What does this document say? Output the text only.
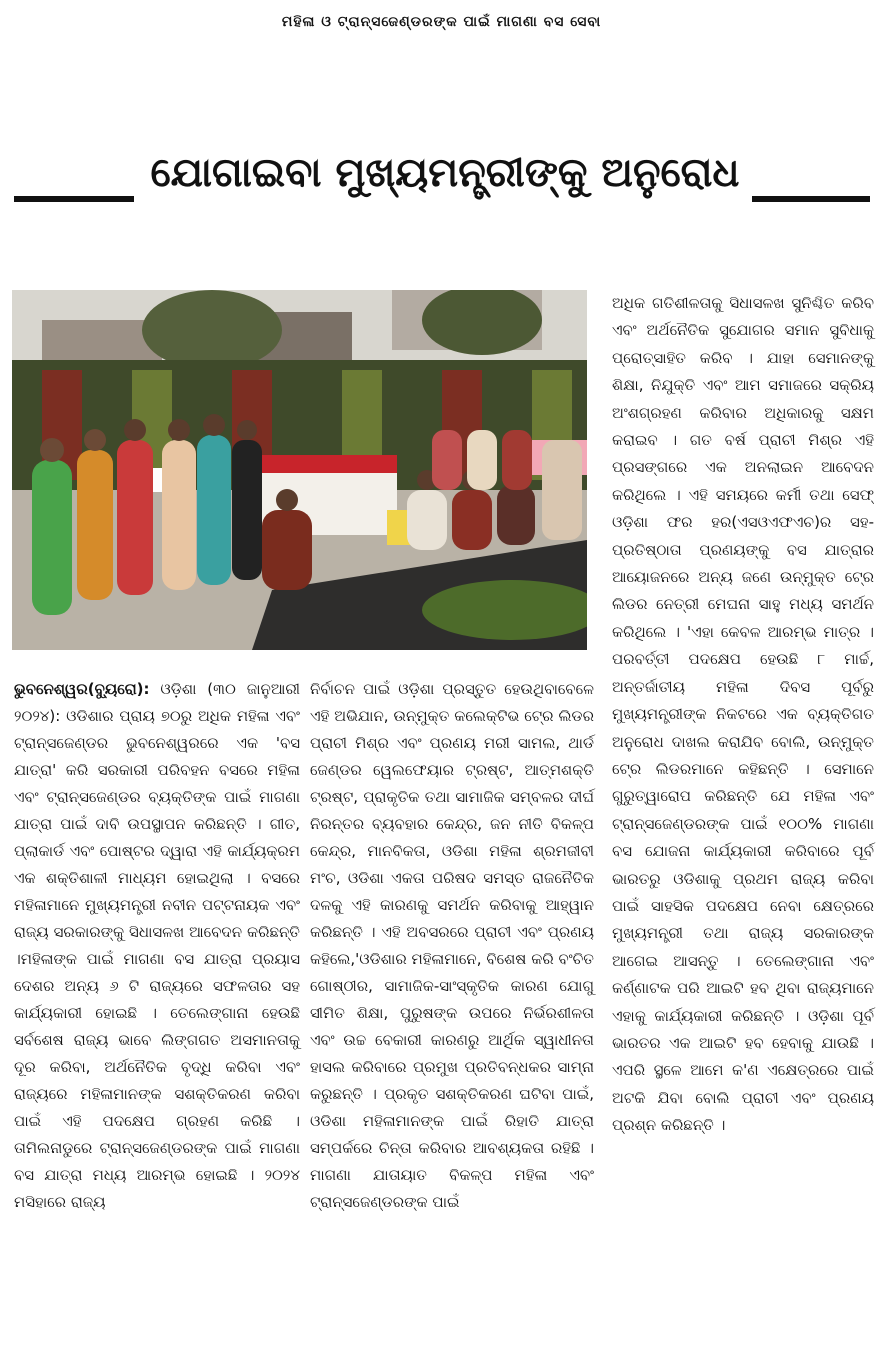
ମହିଳା ଓ ଟ୍ରାନ୍ସଜେଣ୍ଡରଙ୍କ ପାଇଁ ମାଗଣା ବସ ସେବା
ଯୋଗାଇବା ମୁଖ୍ୟମନ୍ତ୍ରୀଙ୍କୁ ଅନୁରୋଧ

ଭୁବନେଶ୍ୱର(ବ୍ୟୁରୋ): ଓଡ଼ିଶା (୩୦ ଜାନୁଆରୀ ୨୦୨୪): ଓଡିଶାର ପ୍ରାୟ ୭୦ରୁ ଅଧିକ ମହିଳା ଏବଂ ଟ୍ରାନ୍ସଜେଣ୍ଡର ଭୁବନେଶ୍ୱରରେ ଏକ 'ବସ ଯାତ୍ରା' କରି ସରକାରୀ ପରିବହନ ବସରେ ମହିଳା ଏବଂ ଟ୍ରାନ୍ସଜେଣ୍ଡର ବ୍ୟକ୍ତିଙ୍କ ପାଇଁ ମାଗଣା ଯାତ୍ରା ପାଇଁ ଦାବି ଉପସ୍ଥାପନ କରିଛନ୍ତି । ଗୀତ, ପ୍ଲାକାର୍ଡ ଏବଂ ପୋଷ୍ଟର ଦ୍ୱାରା ଏହି କାର୍ଯ୍ୟକ୍ରମ ଏକ ଶକ୍ତିଶାଳୀ ମାଧ୍ୟମ ହୋଇଥିଲା । ବସରେ ମହିଳାମାନେ ମୁଖ୍ୟମନ୍ତ୍ରୀ ନବୀନ ପଟ୍ଟନାୟକ ଏବଂ ରାଜ୍ୟ ସରକାରଙ୍କୁ ସିଧାସଳଖ ଆବେଦନ କରିଛନ୍ତି ।ମହିଳାଙ୍କ ପାଇଁ ମାଗଣା ବସ ଯାତ୍ରା ପ୍ରୟାସ ଦେଶର ଅନ୍ୟ ୬ ଟି ରାଜ୍ୟରେ ସଫଳତାର ସହ କାର୍ଯ୍ୟକାରୀ ହୋଇଛି । ତେଲେଙ୍ଗାନା ହେଉଛି ସର୍ବଶେଷ ରାଜ୍ୟ ଭାବେ ଲିଙ୍ଗଗତ ଅସମାନତାକୁ ଦୂର କରିବା, ଅର୍ଥନୈତିକ ବୃଦ୍ଧି କରିବା ଏବଂ ରାଜ୍ୟରେ ମହିଳାମାନଙ୍କ ସଶକ୍ତିକରଣ କରିବା ପାଇଁ ଏହି ପଦକ୍ଷେପ ଗ୍ରହଣ କରିଛି । ତାମିଲନାଡୁରେ ଟ୍ରାନ୍ସଜେଣ୍ଡରଙ୍କ ପାଇଁ ମାଗଣା ବସ ଯାତ୍ରା ମଧ୍ୟ ଆରମ୍ଭ ହୋଇଛି । ୨୦୨୪ ମସିହାରେ ରାଜ୍ୟ

ନିର୍ବାଚନ ପାଇଁ ଓଡ଼ିଶା ପ୍ରସ୍ତୁତ ହେଉଥିବାବେଳେ ଏହି ଅଭିଯାନ, ଉନ୍ମୁକ୍ତ କଲେକ୍ଟିଭ ଟେ୍ର ଲିଡର ପ୍ରାଚୀ ମିଶ୍ର ଏବଂ ପ୍ରଣୟ ମରୀ ସାମଲ, ଥାର୍ଡ ଜେଣ୍ଡର ୱେଲଫେୟାର ଟ୍ରଷ୍ଟ, ଆତ୍ମଶକ୍ତି ଟ୍ରଷ୍ଟ, ପ୍ରାକୃତିକ ତଥା ସାମାଜିକ ସମ୍ବଳର ଦୀର୍ଘ ନିରନ୍ତର ବ୍ୟବହାର କେନ୍ଦ୍ର, ଜନ ନୀତି ବିକଳ୍ପ କେନ୍ଦ୍ର, ମାନବିକତା, ଓଡିଶା ମହିଳା ଶ୍ରମଜୀବୀ ମଂଚ, ଓଡିଶା ଏକତା ପରିଷଦ ସମସ୍ତ ରାଜନୈତିକ ଦଳକୁ ଏହି କାରଣକୁ ସମର୍ଥନ କରିବାକୁ ଆହ୍ୱାନ କରିଛନ୍ତି । ଏହି ଅବସରରେ ପ୍ରାଚୀ ଏବଂ ପ୍ରଣୟ କହିଲେ,'ଓଡିଶାର ମହିଳାମାନେ, ବିଶେଷ କରି ବଂଚିତ ଗୋଷ୍ଠୀର, ସାମାଜିକ-ସାଂସ୍କୃତିକ କାରଣ ଯୋଗୁ ସୀମିତ ଶିକ୍ଷା, ପୁରୁଷଙ୍କ ଉପରେ ନିର୍ଭରଶୀଳତା ଏବଂ ଉଚ୍ଚ ବେକାରୀ କାରଣରୁ ଆର୍ଥିକ ସ୍ୱାଧୀନତା ହାସଲ କରିବାରେ ପ୍ରମୁଖ ପ୍ରତିବନ୍ଧକର ସାମ୍ନା କରୁଛନ୍ତି । ପ୍ରକୃତ ସଶକ୍ତିକରଣ ଘଟିବା ପାଇଁ, ଓଡିଶା ମହିଳାମାନଙ୍କ ପାଇଁ ରିହାତି ଯାତ୍ରା ସମ୍ପର୍କରେ ଚିନ୍ତା କରିବାର ଆବଶ୍ୟକତା ରହିଛି । ମାଗଣା ଯାତାୟାତ ବିକଳ୍ପ ମହିଳା ଏବଂ ଟ୍ରାନ୍ସଜେଣ୍ଡରଙ୍କ ପାଇଁ

ଅଧିକ ଗତିଶୀଳତାକୁ ସିଧାସଳଖ ସୁନିଶ୍ଚିତ କରିବ ଏବଂ ଅର୍ଥନୈତିକ ସୁଯୋଗର ସମାନ ସୁବିଧାକୁ ପ୍ରୋତ୍ସାହିତ କରିବ । ଯାହା ସେମାନଙ୍କୁ ଶିକ୍ଷା, ନିଯୁକ୍ତି ଏବଂ ଆମ ସମାଜରେ ସକ୍ରିୟ ଅଂଶଗ୍ରହଣ କରିବାର ଅଧିକାରକୁ ସକ୍ଷମ କରାଇବ । ଗତ ବର୍ଷ ପ୍ରାଚୀ ମିଶ୍ର ଏହି ପ୍ରସଙ୍ଗରେ ଏକ ଅନଲାଇନ ଆବେଦନ କରିଥିଲେ । ଏହି ସମୟରେ କର୍ମୀ ତଥା ସେଫ୍ ଓଡ଼ିଶା ଫର ହର(ଏସଓଏଫଏଚ)ର ସହ-ପ୍ରତିଷ୍ଠାତା ପ୍ରଣୟଙ୍କୁ ବସ ଯାତ୍ରାର ଆୟୋଜନରେ ଅନ୍ୟ ଜଣେ ଉନ୍ମୁକ୍ତ ଟେ୍ର ଲିଡର ନେତ୍ରୀ ମେଘନା ସାହୁ ମଧ୍ୟ ସମର୍ଥନ କରିଥିଲେ । 'ଏହା କେବଳ ଆରମ୍ଭ ମାତ୍ର । ପରବର୍ତ୍ତୀ ପଦକ୍ଷେପ ହେଉଛି ୮ ମାର୍ଚ୍ଚ, ଅନ୍ତର୍ଜାତୀୟ ମହିଳା ଦିବସ ପୂର୍ବରୁ ମୁଖ୍ୟମନ୍ତ୍ରୀଙ୍କ ନିକଟରେ ଏକ ବ୍ୟକ୍ତିଗତ ଅନୁରୋଧ ଦାଖଲ କରାଯିବ ବୋଲି, ଉନ୍ମୁକ୍ତ ଟେ୍ର ଲିଡରମାନେ କହିଛନ୍ତି । ସେମାନେ ଗୁରୁତ୍ୱାରୋପ କରିଛନ୍ତି ଯେ ମହିଳା ଏବଂ ଟ୍ରାନ୍ସଜେଣ୍ଡରଙ୍କ ପାଇଁ ୧୦୦% ମାଗଣା ବସ ଯୋଜନା କାର୍ଯ୍ୟକାରୀ କରିବାରେ ପୂର୍ବ ଭାରତରୁ ଓଡିଶାକୁ ପ୍ରଥମ ରାଜ୍ୟ କରିବା ପାଇଁ ସାହସିକ ପଦକ୍ଷେପ ନେବା କ୍ଷେତ୍ରରେ ମୁଖ୍ୟମନ୍ତ୍ରୀ ତଥା ରାଜ୍ୟ ସରକାରଙ୍କ ଆଗେଇ ଆସନ୍ତୁ । ତେଲେଙ୍ଗାନା ଏବଂ କର୍ଣ୍ଣାଟକ ପରି ଆଇଟି ହବ ଥିବା ରାଜ୍ୟମାନେ ଏହାକୁ କାର୍ଯ୍ୟକାରୀ କରିଛନ୍ତି । ଓଡ଼ିଶା ପୂର୍ବ ଭାରତର ଏକ ଆଇଟି ହବ ହେବାକୁ ଯାଉଛି । ଏପରି ସ୍ଥଳେ ଆମେ କ'ଣ ଏକ୍ଷେତ୍ରରେ ପାଇଁ ଅଟକି ଯିବା ବୋଲି ପ୍ରାଚୀ ଏବଂ ପ୍ରଣୟ ପ୍ରଶ୍ନ କରିଛନ୍ତି ।
